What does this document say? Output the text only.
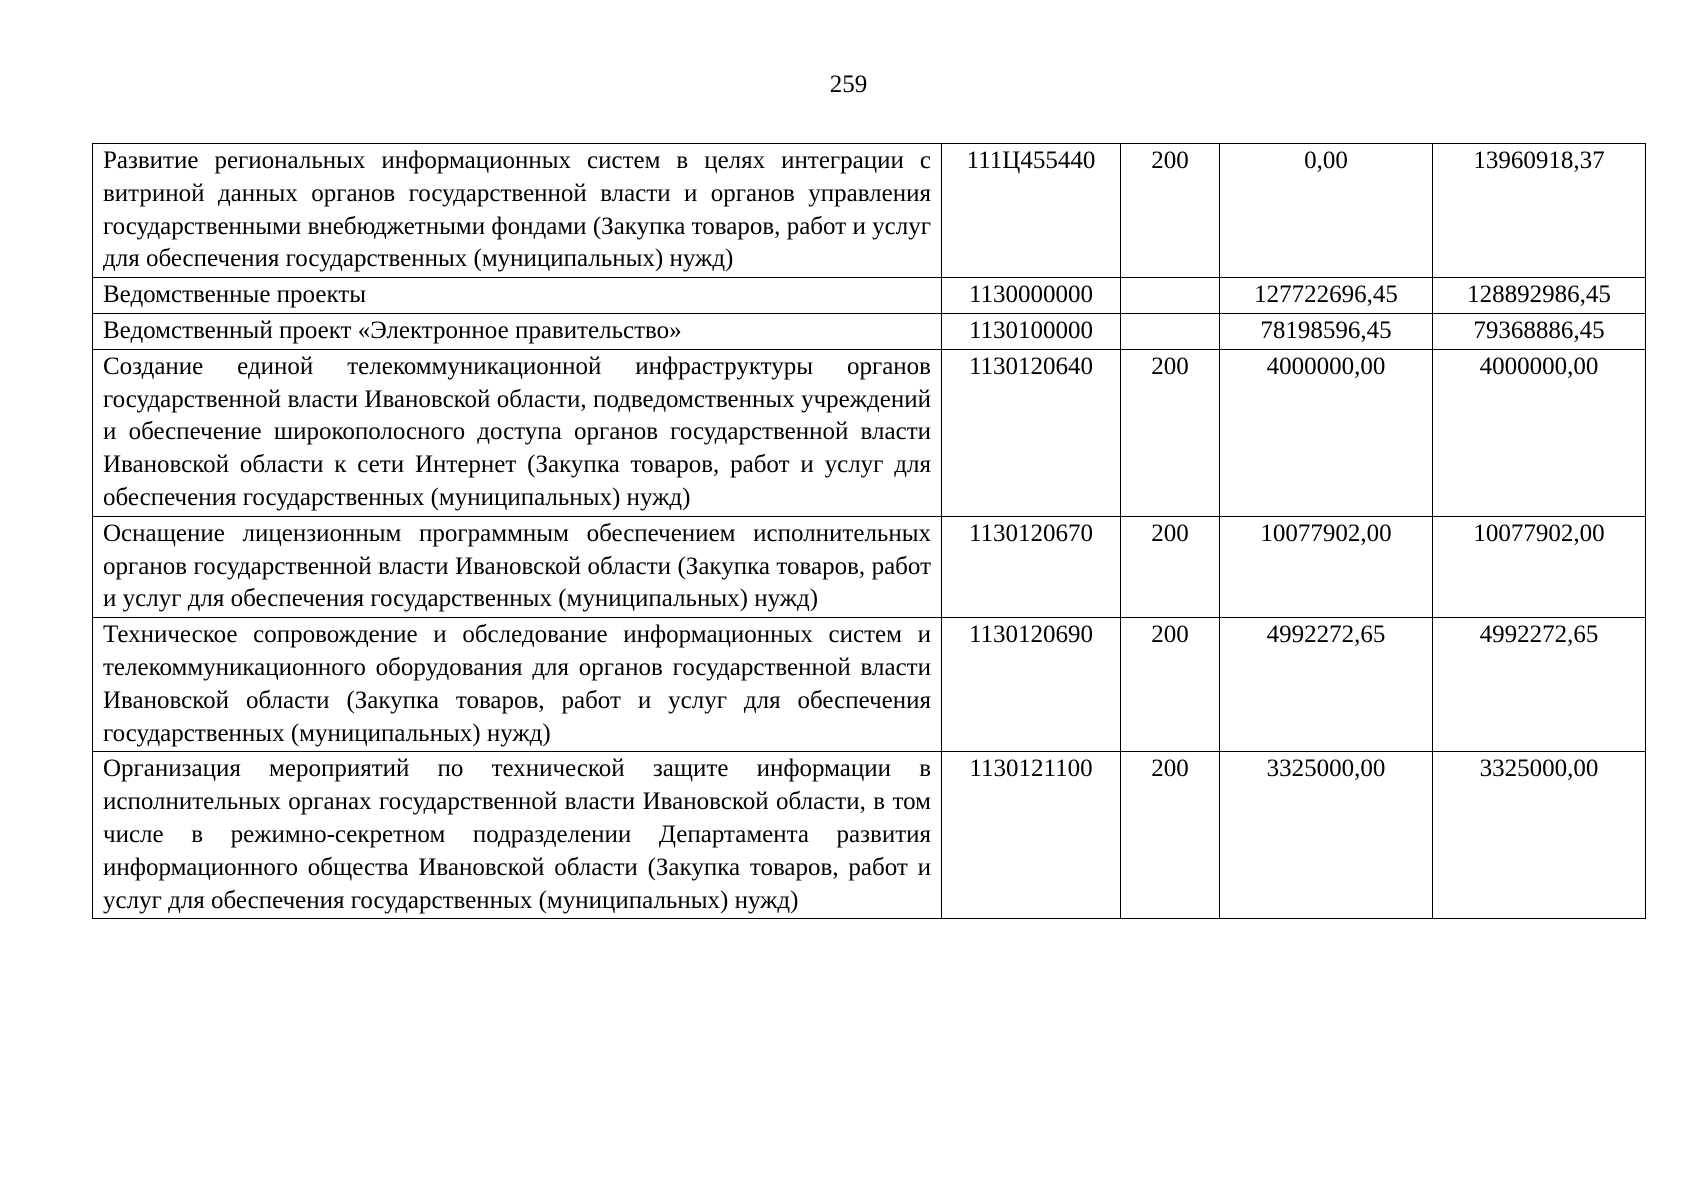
259
Развитие региональных информационных систем в целях интеграции с витриной данных органов государственной власти и органов управления государственными внебюджетными фондами (Закупка товаров, работ и услуг для обеспечения государственных (муниципальных) нужд)	111Ц455440	200	0,00	13960918,37
Ведомственные проекты	1130000000		127722696,45	128892986,45
Ведомственный проект «Электронное правительство»	1130100000		78198596,45	79368886,45
Создание единой телекоммуникационной инфраструктуры органов государственной власти Ивановской области, подведомственных учреждений и обеспечение широкополосного доступа органов государственной власти Ивановской области к сети Интернет (Закупка товаров, работ и услуг для обеспечения государственных (муниципальных) нужд)	1130120640	200	4000000,00	4000000,00
Оснащение лицензионным программным обеспечением исполнительных органов государственной власти Ивановской области (Закупка товаров, работ и услуг для обеспечения государственных (муниципальных) нужд)	1130120670	200	10077902,00	10077902,00
Техническое сопровождение и обследование информационных систем и телекоммуникационного оборудования для органов государственной власти Ивановской области (Закупка товаров, работ и услуг для обеспечения государственных (муниципальных) нужд)	1130120690	200	4992272,65	4992272,65
Организация мероприятий по технической защите информации в исполнительных органах государственной власти Ивановской области, в том числе в режимно-секретном подразделении Департамента развития информационного общества Ивановской области (Закупка товаров, работ и услуг для обеспечения государственных (муниципальных) нужд)	1130121100	200	3325000,00	3325000,00
